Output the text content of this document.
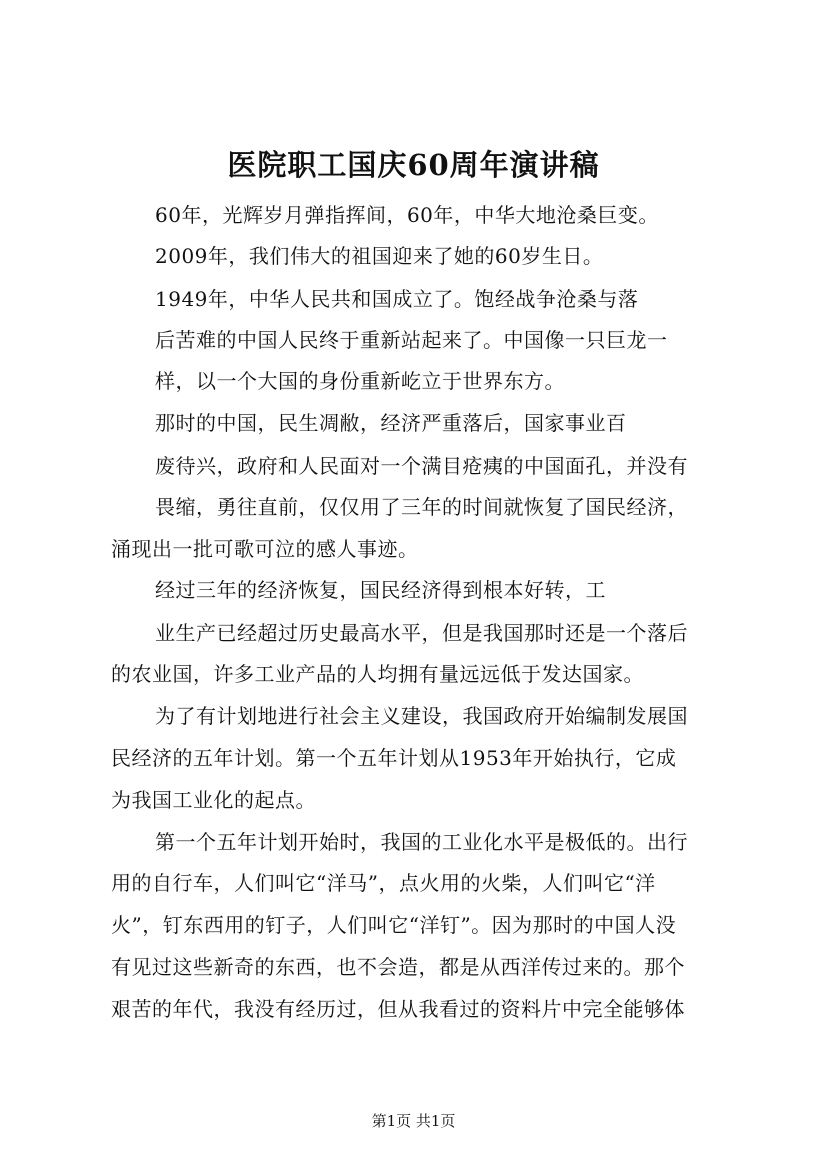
医院职工国庆60周年演讲稿
60年，光辉岁月弹指挥间，60年，中华大地沧桑巨变。
2009年，我们伟大的祖国迎来了她的60岁生日。
1949年，中华人民共和国成立了。饱经战争沧桑与落
后苦难的中国人民终于重新站起来了。中国像一只巨龙一
样，以一个大国的身份重新屹立于世界东方。
那时的中国，民生凋敝，经济严重落后，国家事业百
废待兴，政府和人民面对一个满目疮痍的中国面孔，并没有
畏缩，勇往直前，仅仅用了三年的时间就恢复了国民经济，
涌现出一批可歌可泣的感人事迹。
经过三年的经济恢复，国民经济得到根本好转，工
业生产已经超过历史最高水平，但是我国那时还是一个落后
的农业国，许多工业产品的人均拥有量远远低于发达国家。
为了有计划地进行社会主义建设，我国政府开始编制发展国
民经济的五年计划。第一个五年计划从1953年开始执行，它成
为我国工业化的起点。
第一个五年计划开始时，我国的工业化水平是极低的。出行
用的自行车，人们叫它“洋马”，点火用的火柴，人们叫它“洋
火”，钉东西用的钉子，人们叫它“洋钉”。因为那时的中国人没
有见过这些新奇的东西，也不会造，都是从西洋传过来的。那个
艰苦的年代，我没有经历过，但从我看过的资料片中完全能够体
第1页 共1页
